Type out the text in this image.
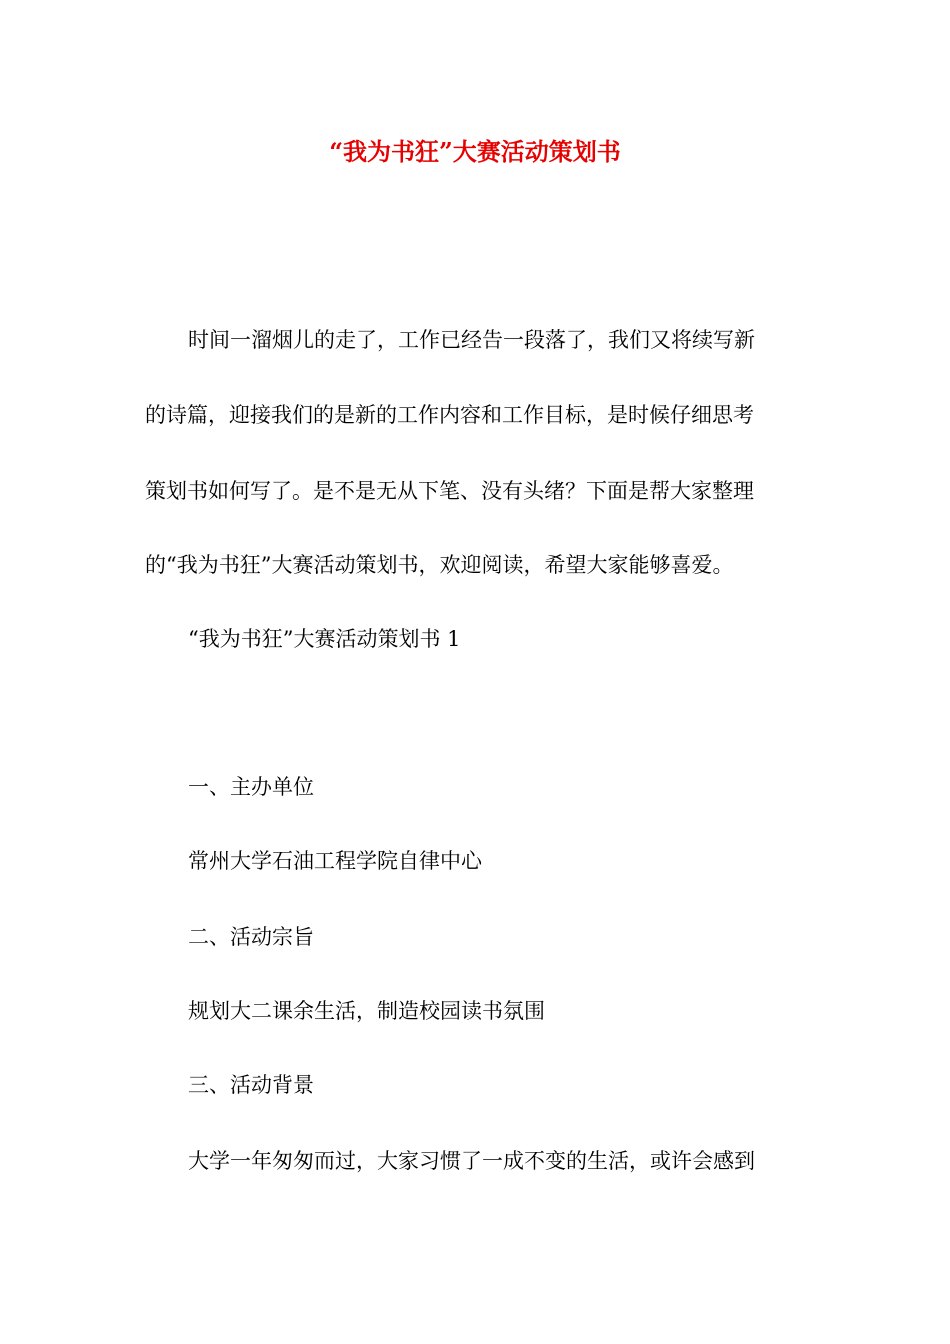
“我为书狂”大赛活动策划书
时间一溜烟儿的走了，工作已经告一段落了，我们又将续写新
的诗篇，迎接我们的是新的工作内容和工作目标，是时候仔细思考
策划书如何写了。是不是无从下笔、没有头绪？下面是帮大家整理
的“我为书狂”大赛活动策划书，欢迎阅读，希望大家能够喜爱。
“我为书狂”大赛活动策划书 1
一、主办单位
常州大学石油工程学院自律中心
二、活动宗旨
规划大二课余生活，制造校园读书氛围
三、活动背景
大学一年匆匆而过，大家习惯了一成不变的生活，或许会感到
